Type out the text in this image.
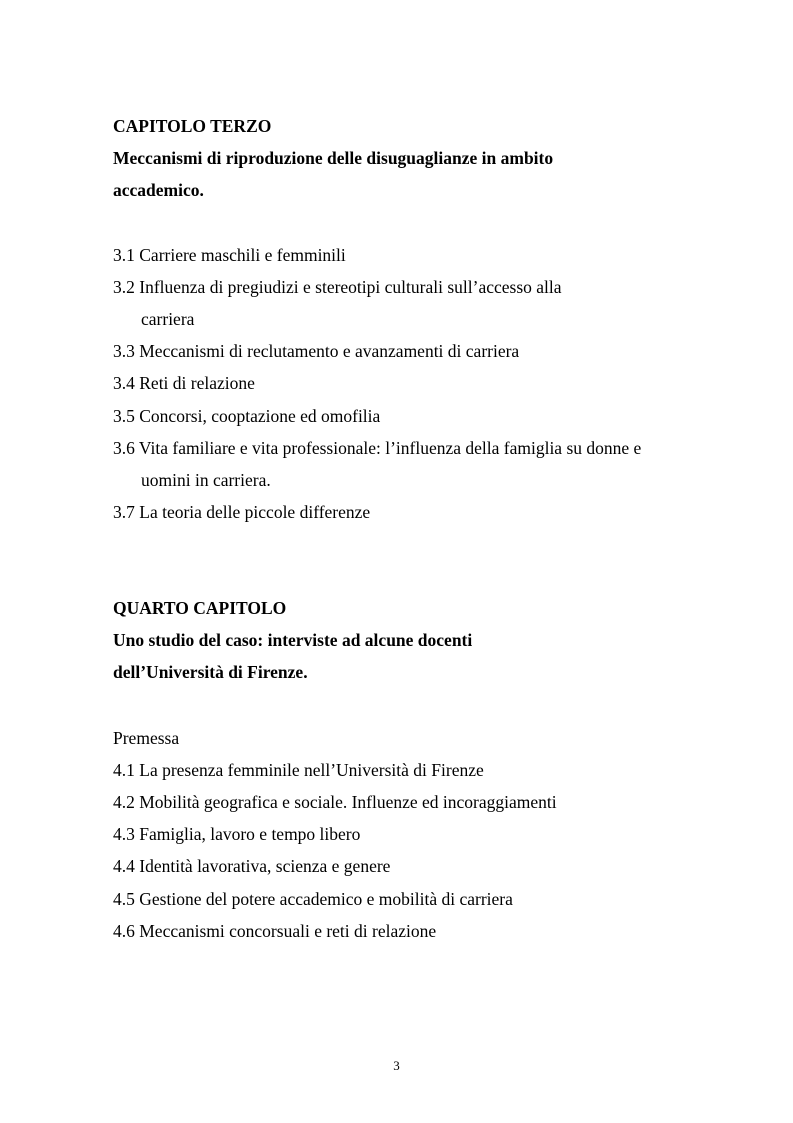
CAPITOLO TERZO
Meccanismi di riproduzione delle disuguaglianze in ambito
accademico.
3.1 Carriere maschili e femminili
3.2 Influenza di pregiudizi e stereotipi culturali sull’accesso alla
carriera
3.3 Meccanismi di reclutamento e avanzamenti di carriera
3.4 Reti di relazione
3.5 Concorsi, cooptazione ed omofilia
3.6 Vita familiare e vita professionale: l’influenza della famiglia su donne e
uomini in carriera.
3.7 La teoria delle piccole differenze
QUARTO CAPITOLO
Uno studio del caso: interviste ad alcune docenti
dell’Università di Firenze.
Premessa
4.1 La presenza femminile nell’Università di Firenze
4.2 Mobilità geografica e sociale. Influenze ed incoraggiamenti
4.3 Famiglia, lavoro e tempo libero
4.4 Identità lavorativa, scienza e genere
4.5 Gestione del potere accademico e mobilità di carriera
4.6 Meccanismi concorsuali e reti di relazione
3
